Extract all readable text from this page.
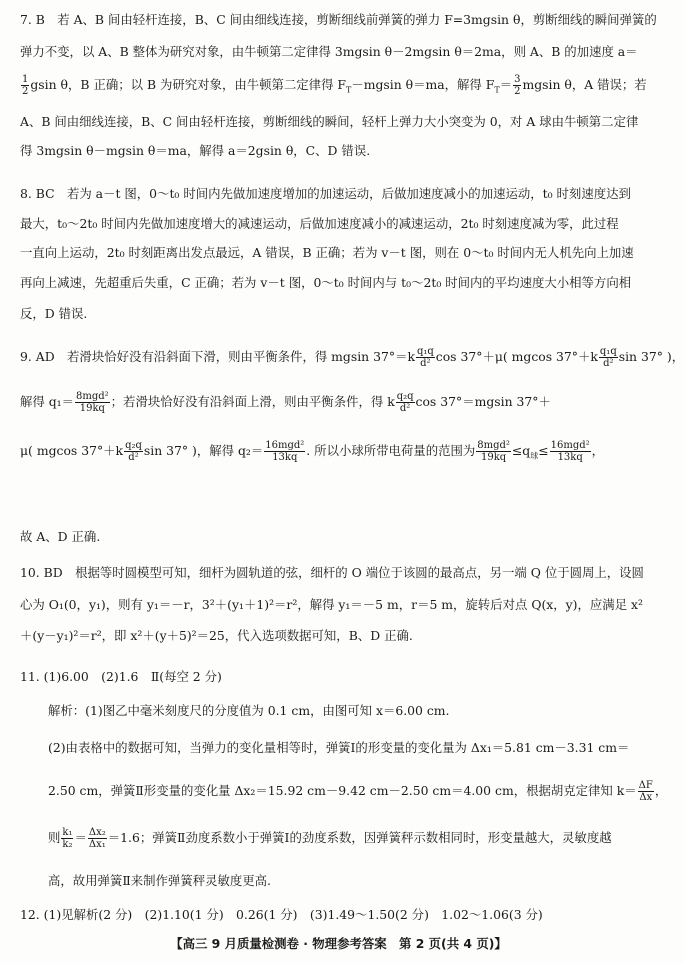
7. B　若 A、B 间由轻杆连接，B、C 间由细线连接，剪断细线前弹簧的弹力 F=3mgsin θ，剪断细线的瞬间弹簧的
弹力不变，以 A、B 整体为研究对象，由牛顿第二定律得 3mgsin θ－2mgsin θ＝2ma，则 A、B 的加速度 a＝
$\frac{1}{2}$ gsin θ，B 正确；以 B 为研究对象，由牛顿第二定律得 $F_T-mgsin$ θ＝ma，解得 $F_T= \frac{3}{2}$ mgsin θ，A 错误；若
A、B 间由细线连接，B、C 间由轻杆连接，剪断细线的瞬间，轻杆上弹力大小突变为 0，对 A 球由牛顿第二定律
得 3mgsin θ－mgsin θ＝ma，解得 a＝2gsin θ，C、D 错误.
8. BC　若为 a－t 图，0～t₀ 时间内先做加速度增加的加速运动，后做加速度减小的加速运动，t₀ 时刻速度达到
最大，t₀～2t₀ 时间内先做加速度增大的减速运动，后做加速度减小的减速运动，2t₀ 时刻速度减为零，此过程
一直向上运动，2t₀ 时刻距离出发点最远，A 错误，B 正确；若为 v－t 图，则在 0～t₀ 时间内无人机先向上加速
再向上减速，先超重后失重，C 正确；若为 v－t 图，0～t₀ 时间内与 t₀～2t₀ 时间内的平均速度大小相等方向相
反，D 错误.
9. AD　若滑块恰好没有沿斜面下滑，则由平衡条件，得 mgsin $37^\circ=k \frac{\text{q₁q}}{\text{d²}}$ cos 37°＋μ( mgcos $37^\circ+k \frac{\text{q₁q}}{\text{d²}}$ sin 37° )，
解得 $q_1= \frac{\text{8mgd²}}{19kq}$ ；若滑块恰好没有沿斜面上滑，则由平衡条件，得 k $\frac{\text{q₂q}}{\text{d²}}$ cos 37°＝mgsin 37°＋
μ( mgcos $37^\circ+k \frac{\text{q₂q}}{\text{d²}}$ sin 37° )，解得 $q_2= \frac{\text{16mgd²}}{13kq}$ . 所以小球所带电荷量的范围为 $\frac{\text{8mgd²}}{19kq} \le q_球\le \frac{\text{16mgd²}}{13kq}$ ，
故 A、D 正确.
10. BD　根据等时圆模型可知，细杆为圆轨道的弦，细杆的 O 端位于该圆的最高点，另一端 Q 位于圆周上，设圆
心为 O₁(0，y₁)，则有 y₁＝－r，3²＋(y₁＋1)²＝r²，解得 y₁＝－5 m，r＝5 m，旋转后对点 Q(x，y)，应满足 x²
＋(y－y₁)²＝r²，即 x²＋(y＋5)²＝25，代入选项数据可知，B、D 正确.
11. (1)6.00　(2)1.6　Ⅱ(每空 2 分)
解析：(1)图乙中毫米刻度尺的分度值为 0.1 cm，由图可知 x＝6.00 cm.
(2)由表格中的数据可知，当弹力的变化量相等时，弹簧Ⅰ的形变量的变化量为 Δx₁＝5.81 cm－3.31 cm＝
2.50 cm，弹簧Ⅱ形变量的变化量 Δx₂＝15.92 cm－9.42 cm－2.50 cm＝4.00 cm，根据胡克定律知 $k= \frac{\Delta F}{\Delta x}$ ，
则 $\frac{\text{k₁}}{\text{k₂}} = \frac{\text{Δx₂}}{\text{Δx₁}} =1.6$；弹簧Ⅱ劲度系数小于弹簧Ⅰ的劲度系数，因弹簧秤示数相同时，形变量越大，灵敏度越
高，故用弹簧Ⅱ来制作弹簧秤灵敏度更高.
12. (1)见解析(2 分)　(2)1.10(1 分)　0.26(1 分)　(3)1.49～1.50(2 分)　1.02～1.06(3 分)
【高三 9 月质量检测卷 · 物理参考答案　第 2 页(共 4 页)】
